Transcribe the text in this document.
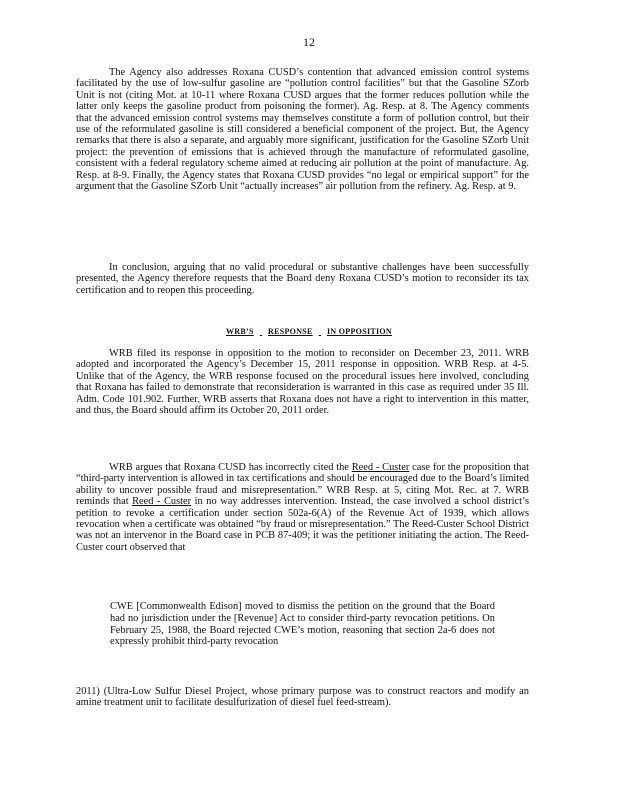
12

The Agency also addresses Roxana CUSD’s contention that advanced emission control systems facilitated by the use of low-sulfur gasoline are “pollution control facilities” but that the Gasoline SZorb Unit is not (citing Mot. at 10-11 where Roxana CUSD argues that the former reduces pollution while the latter only keeps the gasoline product from poisoning the former). Ag. Resp. at 8. The Agency comments that the advanced emission control systems may themselves constitute a form of pollution control, but their use of the reformulated gasoline is still considered a beneficial component of the project. But, the Agency remarks that there is also a separate, and arguably more significant, justification for the Gasoline SZorb Unit project: the prevention of emissions that is achieved through the manufacture of reformulated gasoline, consistent with a federal regulatory scheme aimed at reducing air pollution at the point of manufacture. Ag. Resp. at 8-9. Finally, the Agency states that Roxana CUSD provides “no legal or empirical support” for the argument that the Gasoline SZorb Unit “actually increases” air pollution from the refinery. Ag. Resp. at 9.

In conclusion, arguing that no valid procedural or substantive challenges have been successfully presented, the Agency therefore requests that the Board deny Roxana CUSD’s motion to reconsider its tax certification and to reopen this proceeding.

WRB’S RESPONSE IN OPPOSITION

WRB filed its response in opposition to the motion to reconsider on December 23, 2011. WRB adopted and incorporated the Agency’s December 15, 2011 response in opposition. WRB Resp. at 4-5. Unlike that of the Agency, the WRB response focused on the procedural issues here involved, concluding that Roxana has failed to demonstrate that reconsideration is warranted in this case as required under 35 Ill. Adm. Code 101.902. Further, WRB asserts that Roxana does not have a right to intervention in this matter, and thus, the Board should affirm its October 20, 2011 order.

WRB argues that Roxana CUSD has incorrectly cited the Reed - Custer case for the proposition that “third-party intervention is allowed in tax certifications and should be encouraged due to the Board’s limited ability to uncover possible fraud and misrepresentation.” WRB Resp. at 5, citing Mot. Rec. at 7. WRB reminds that Reed - Custer in no way addresses intervention. Instead, the case involved a school district’s petition to revoke a certification under section 502a-6(A) of the Revenue Act of 1939, which allows revocation when a certificate was obtained “by fraud or misrepresentation.” The Reed-Custer School District was not an intervenor in the Board case in PCB 87-409; it was the petitioner initiating the action. The Reed-Custer court observed that

CWE [Commonwealth Edison] moved to dismiss the petition on the ground that the Board had no jurisdiction under the [Revenue] Act to consider third-party revocation petitions. On February 25, 1988, the Board rejected CWE’s motion, reasoning that section 2a-6 does not expressly prohibit third-party revocation

2011) (Ultra-Low Sulfur Diesel Project, whose primary purpose was to construct reactors and modify an amine treatment unit to facilitate desulfurization of diesel fuel feed-stream).
